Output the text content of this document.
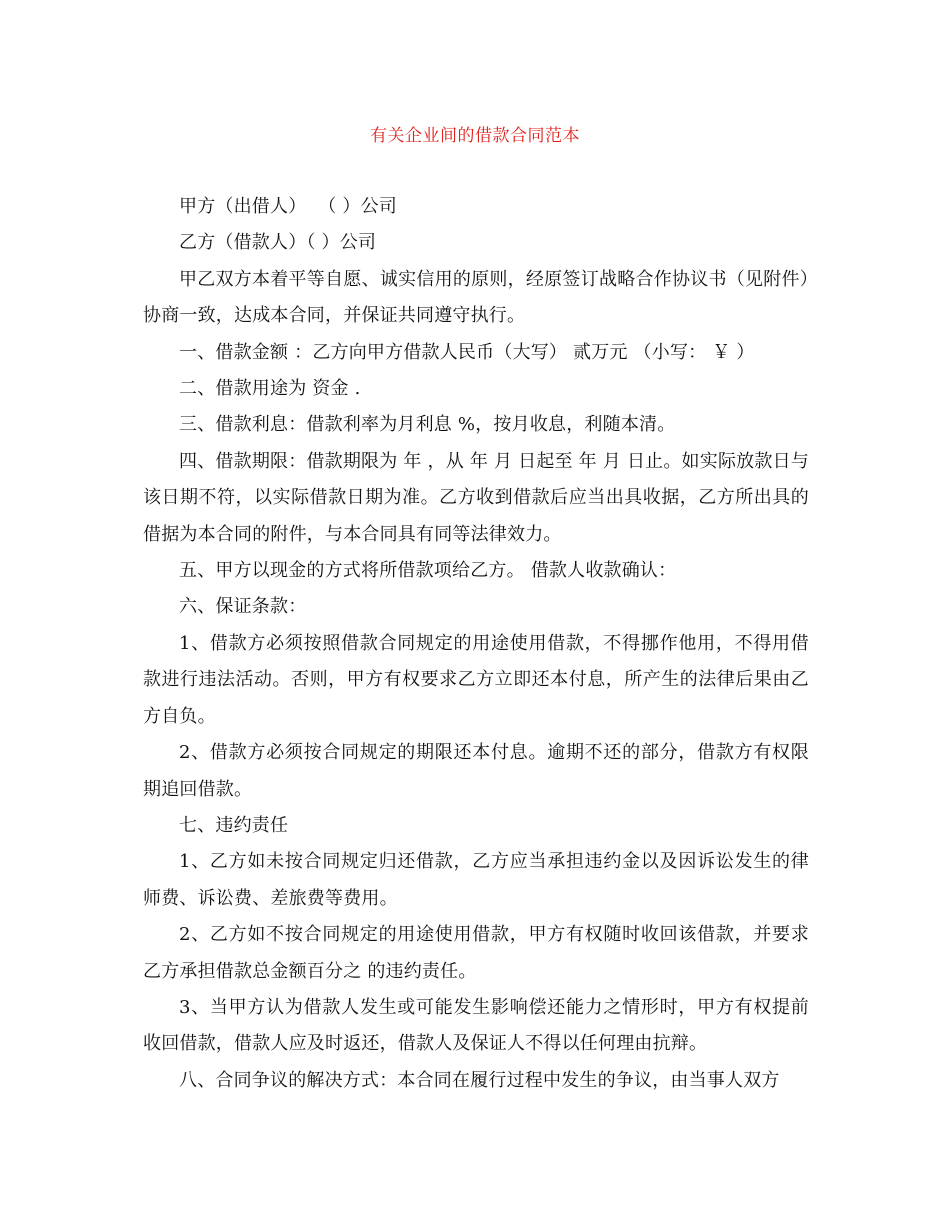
有关企业间的借款合同范本

甲方（出借人）  （ ）公司

乙方（借款人）（ ）公司

甲乙双方本着平等自愿、诚实信用的原则，经原签订战略合作协议书（见附件）协商一致，达成本合同，并保证共同遵守执行。

一、借款金额 ：乙方向甲方借款人民币（大写） 贰万元 （小写： ￥ ）

二、借款用途为 资金 .

三、借款利息：借款利率为月利息 %，按月收息，利随本清。

四、借款期限：借款期限为 年 ，从 年 月 日起至 年 月 日止。如实际放款日与该日期不符，以实际借款日期为准。乙方收到借款后应当出具收据，乙方所出具的借据为本合同的附件，与本合同具有同等法律效力。

五、甲方以现金的方式将所借款项给乙方。 借款人收款确认：

六、保证条款：

1、借款方必须按照借款合同规定的用途使用借款，不得挪作他用，不得用借款进行违法活动。否则，甲方有权要求乙方立即还本付息，所产生的法律后果由乙方自负。

2、借款方必须按合同规定的期限还本付息。逾期不还的部分，借款方有权限期追回借款。

七、违约责任

1、乙方如未按合同规定归还借款，乙方应当承担违约金以及因诉讼发生的律师费、诉讼费、差旅费等费用。

2、乙方如不按合同规定的用途使用借款，甲方有权随时收回该借款，并要求乙方承担借款总金额百分之 的违约责任。

3、当甲方认为借款人发生或可能发生影响偿还能力之情形时，甲方有权提前收回借款，借款人应及时返还，借款人及保证人不得以任何理由抗辩。

八、合同争议的解决方式：本合同在履行过程中发生的争议，由当事人双方
